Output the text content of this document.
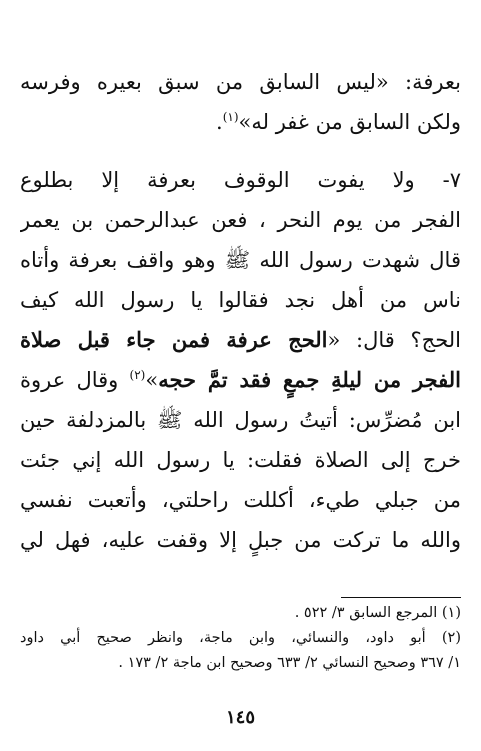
بعرفة: «ليس السابق من سبق بعيره وفرسه
ولكن السابق من غفر له»$^{(١)}$.
٧- ولا يفوت الوقوف بعرفة إلا بطلوع
الفجر من يوم النحر ، فعن عبدالرحمن بن يعمر
قال شهدت رسول الله ﷺ وهو واقف بعرفة وأتاه
ناس من أهل نجد فقالوا يا رسول الله كيف
الحج؟ قال: «الحج عرفة فمن جاء قبل صلاة
الفجر من ليلةِ جمعٍ فقد تمَّ حجه»$^{(٢)}$ وقال عروة
ابن مُضرِّس: أتيتُ رسول الله ﷺ بالمزدلفة حين
خرج إلى الصلاة فقلت: يا رسول الله إني جئت
من جبلي طيء، أكللت راحلتي، وأتعبت نفسي
والله ما تركت من جبلٍ إلا وقفت عليه، فهل لي
(١) المرجع السابق ٣/ ٥٢٢ .
(٢) أبو داود، والنسائي، وابن ماجة، وانظر صحيح أبي داود
١/ ٣٦٧ وصحيح النسائي ٢/ ٦٣٣ وصحيح ابن ماجة ٢/ ١٧٣ .
١٤٥
